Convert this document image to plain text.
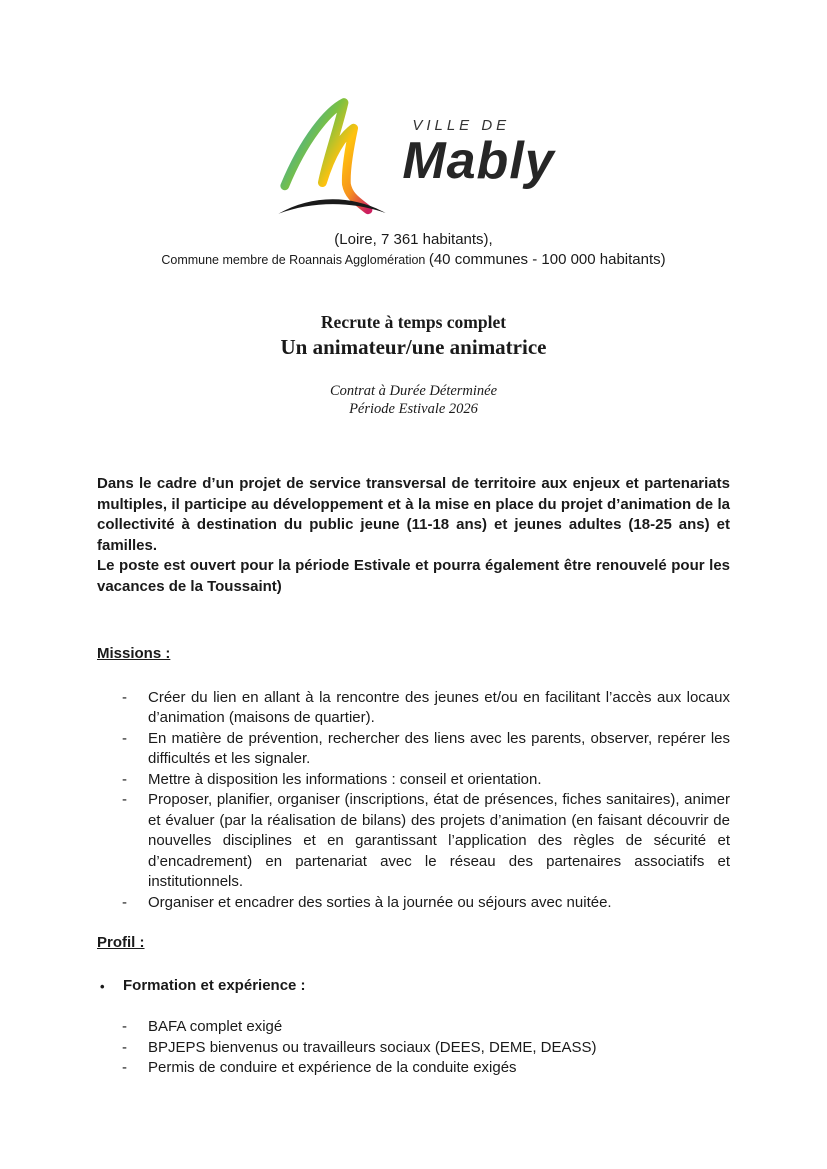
VILLE DE
Mably
(Loire, 7 361 habitants),
Commune membre de Roannais Agglomération (40 communes - 100 000 habitants)
Recrute à temps complet
Un animateur/une animatrice
Contrat à Durée Déterminée
Période Estivale 2026
Dans le cadre d’un projet de service transversal de territoire aux enjeux et partenariats multiples, il participe au développement et à la mise en place du projet d’animation de la collectivité à destination du public jeune (11-18 ans) et jeunes adultes (18-25 ans) et familles.
Le poste est ouvert pour la période Estivale et pourra également être renouvelé pour les vacances de la Toussaint)
Missions :
-	Créer du lien en allant à la rencontre des jeunes et/ou en facilitant l’accès aux locaux d’animation (maisons de quartier).
-	En matière de prévention, rechercher des liens avec les parents, observer, repérer les difficultés et les signaler.
-	Mettre à disposition les informations : conseil et orientation.
-	Proposer, planifier, organiser (inscriptions, état de présences, fiches sanitaires), animer et évaluer (par la réalisation de bilans) des projets d’animation (en faisant découvrir de nouvelles disciplines et en garantissant l’application des règles de sécurité et d’encadrement) en partenariat avec le réseau des partenaires associatifs et institutionnels.
-	Organiser et encadrer des sorties à la journée ou séjours avec nuitée.
Profil :
•	Formation et expérience :
-	BAFA complet exigé
-	BPJEPS bienvenus ou travailleurs sociaux (DEES, DEME, DEASS)
-	Permis de conduire et expérience de la conduite exigés
